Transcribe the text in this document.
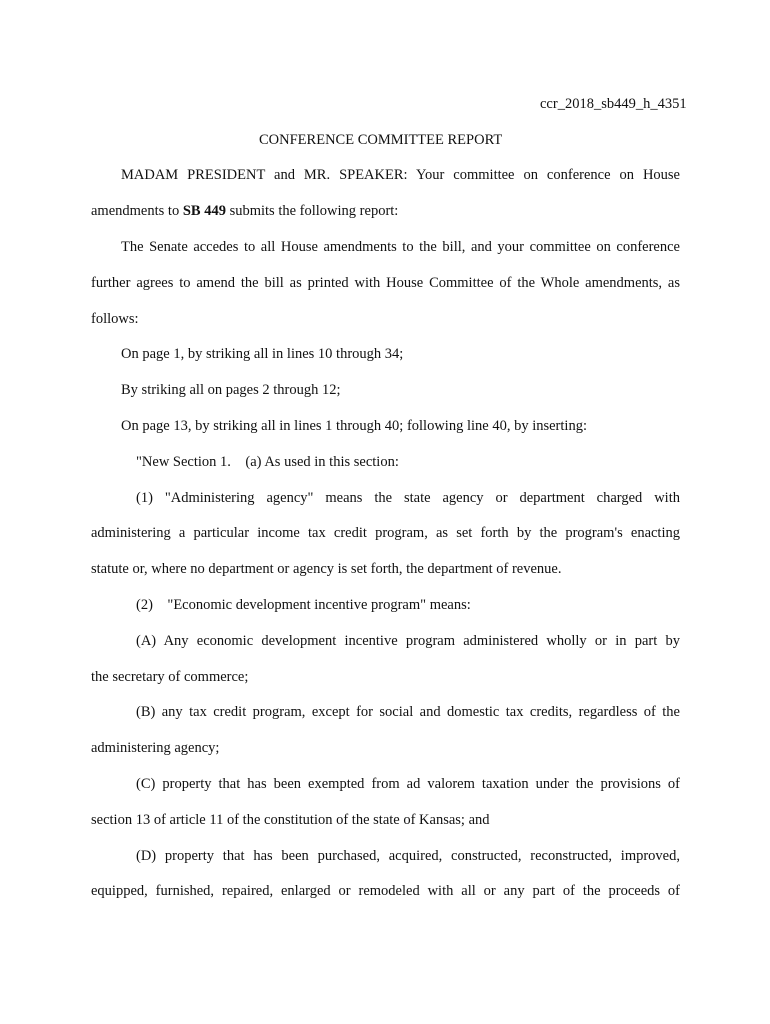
ccr_2018_sb449_h_4351
CONFERENCE COMMITTEE REPORT
MADAM PRESIDENT and MR. SPEAKER: Your committee on conference on House
amendments to SB 449 submits the following report:
The Senate accedes to all House amendments to the bill, and your committee on conference
further agrees to amend the bill as printed with House Committee of the Whole amendments, as
follows:
On page 1, by striking all in lines 10 through 34;
By striking all on pages 2 through 12;
On page 13, by striking all in lines 1 through 40; following line 40, by inserting:
"New Section 1.    (a) As used in this section:
(1) "Administering agency" means the state agency or department charged with
administering a particular income tax credit program, as set forth by the program's enacting
statute or, where no department or agency is set forth, the department of revenue.
(2)    "Economic development incentive program" means:
(A) Any economic development incentive program administered wholly or in part by
the secretary of commerce;
(B) any tax credit program, except for social and domestic tax credits, regardless of the
administering agency;
(C) property that has been exempted from ad valorem taxation under the provisions of
section 13 of article 11 of the constitution of the state of Kansas; and
(D) property that has been purchased, acquired, constructed, reconstructed, improved,
equipped, furnished, repaired, enlarged or remodeled with all or any part of the proceeds of
